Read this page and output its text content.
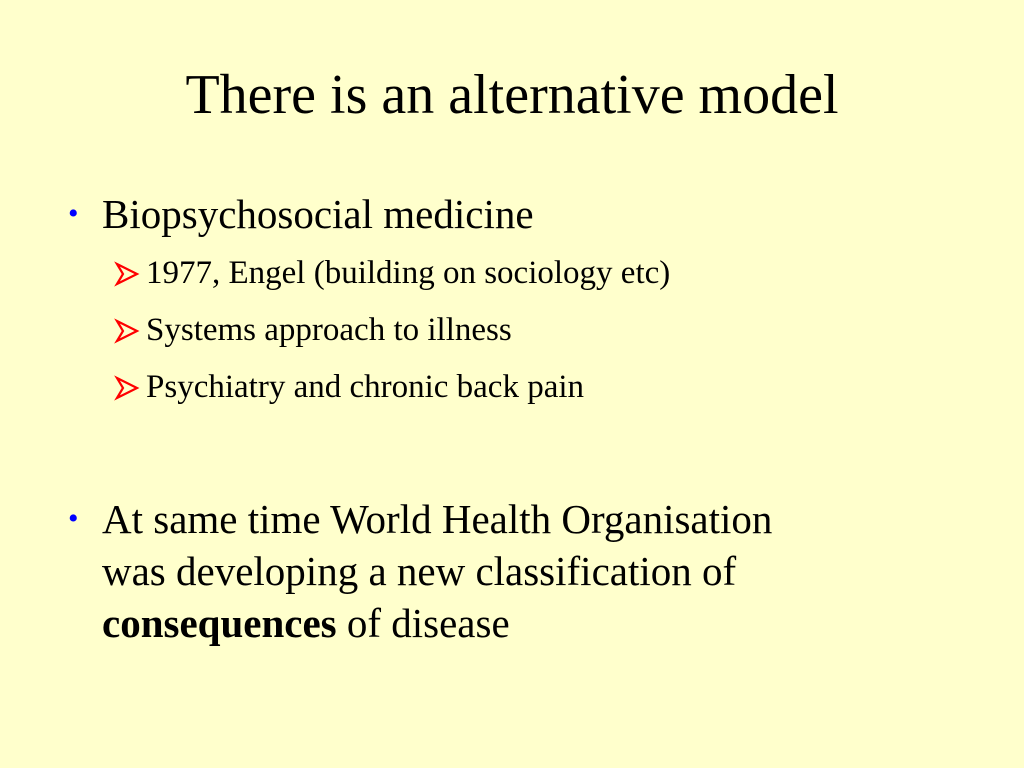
There is an alternative model
• Biopsychosocial medicine
1977, Engel (building on sociology etc)
Systems approach to illness
Psychiatry and chronic back pain
• At same time World Health Organisation
was developing a new classification of
consequences of disease
